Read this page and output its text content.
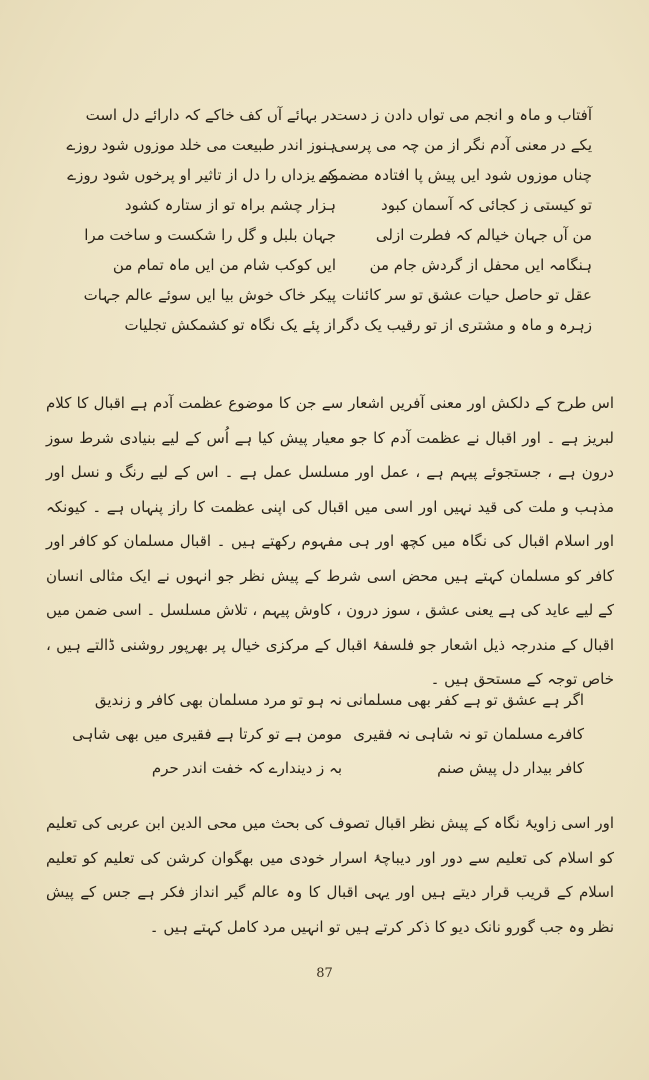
آفتاب و ماہ و انجم می تواں دادن ز دست
در بہائے آں کف خاکے کہ دارائے دل است
یکے در معنی آدم نگر از من چہ می پرسی
ہنوز اندر طبیعت می خلد موزوں شود روزے
چناں موزوں شود ایں پیش پا افتادہ مضمونے
کہ یزداں را دل از تاثیر او پرخوں شود روزے
تو کیستی ز کجائی کہ آسمان کبود
ہزار چشم براہ تو از ستارہ کشود
من آں جہان خیالم کہ فطرت ازلی
جہان بلبل و گل را شکست و ساخت مرا
ہنگامہ ایں محفل از گردش جام من
ایں کوکب شام من ایں ماہ تمام من
عقل تو حاصل حیات عشق تو سر کائنات
پیکر خاک خوش بیا ایں سوئے عالم جہات
زہرہ و ماہ و مشتری از تو رقیب یک دگر
از پئے یک نگاہ تو کشمکش تجلیات

اس طرح کے دلکش اور معنی آفریں اشعار سے جن کا موضوع عظمت آدم ہے اقبال کا کلام لبریز ہے ۔ اور اقبال نے عظمت آدم کا جو معیار پیش کیا ہے اُس کے لیے بنیادی شرط سوز درون ہے ، جستجوئے پیہم ہے ، عمل اور مسلسل عمل ہے ۔ اس کے لیے رنگ و نسل اور مذہب و ملت کی قید نہیں اور اسی میں اقبال کی اپنی عظمت کا راز پنہاں ہے ۔ کیونکہ اور اسلام اقبال کی نگاہ میں کچھ اور ہی مفہوم رکھتے ہیں ۔ اقبال مسلمان کو کافر اور کافر کو مسلمان کہتے ہیں محض اسی شرط کے پیش نظر جو انہوں نے ایک مثالی انسان کے لیے عاید کی ہے یعنی عشق ، سوز درون ، کاوش پیہم ، تلاش مسلسل ۔ اسی ضمن میں اقبال کے مندرجہ ذیل اشعار جو فلسفۂ اقبال کے مرکزی خیال پر بھرپور روشنی ڈالتے ہیں ، خاص توجہ کے مستحق ہیں ۔

اگر ہے عشق تو ہے کفر بھی مسلمانی
نہ ہو تو مرد مسلمان بھی کافر و زندیق
کافرے مسلمان تو نہ شاہی نہ فقیری
مومن ہے تو کرتا ہے فقیری میں بھی شاہی
کافر بیدار دل پیش صنم
بہ ز دیندارے کہ خفت اندر حرم

اور اسی زاویۂ نگاہ کے پیش نظر اقبال تصوف کی بحث میں محی الدین ابن عربی کی تعلیم کو اسلام کی تعلیم سے دور اور دیباچۂ اسرار خودی میں بھگوان کرشن کی تعلیم کو تعلیم اسلام کے قریب قرار دیتے ہیں اور یہی اقبال کا وہ عالم گیر انداز فکر ہے جس کے پیش نظر وہ جب گورو نانک دیو کا ذکر کرتے ہیں تو انہیں مرد کامل کہتے ہیں ۔

87
